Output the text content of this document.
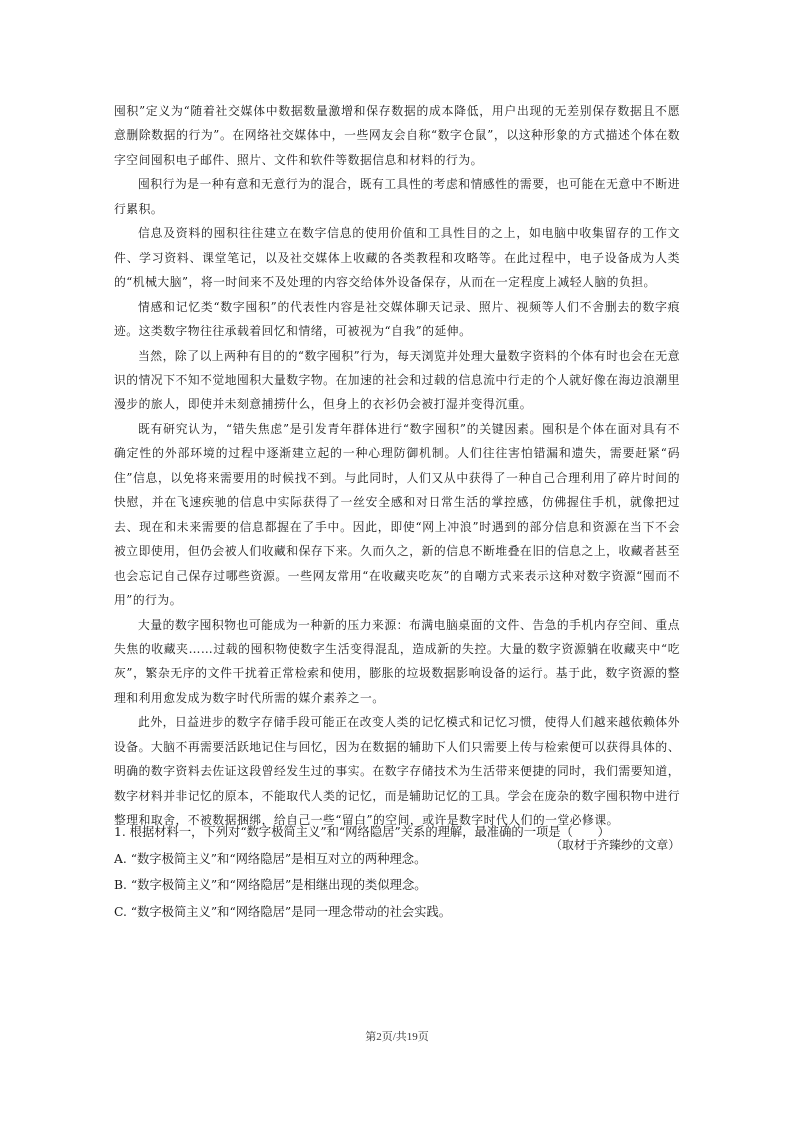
囤积”定义为“随着社交媒体中数据数量激增和保存数据的成本降低，用户出现的无差别保存数据且不愿意删除数据的行为”。在网络社交媒体中，一些网友会自称“数字仓鼠”，以这种形象的方式描述个体在数字空间囤积电子邮件、照片、文件和软件等数据信息和材料的行为。

囤积行为是一种有意和无意行为的混合，既有工具性的考虑和情感性的需要，也可能在无意中不断进行累积。

信息及资料的囤积往往建立在数字信息的使用价值和工具性目的之上，如电脑中收集留存的工作文件、学习资料、课堂笔记，以及社交媒体上收藏的各类教程和攻略等。在此过程中，电子设备成为人类的“机械大脑”，将一时间来不及处理的内容交给体外设备保存，从而在一定程度上减轻人脑的负担。

情感和记忆类“数字囤积”的代表性内容是社交媒体聊天记录、照片、视频等人们不舍删去的数字痕迹。这类数字物往往承载着回忆和情绪，可被视为“自我”的延伸。

当然，除了以上两种有目的的“数字囤积”行为，每天浏览并处理大量数字资料的个体有时也会在无意识的情况下不知不觉地囤积大量数字物。在加速的社会和过载的信息流中行走的个人就好像在海边浪潮里漫步的旅人，即使并未刻意捕捞什么，但身上的衣衫仍会被打湿并变得沉重。

既有研究认为，“错失焦虑”是引发青年群体进行“数字囤积”的关键因素。囤积是个体在面对具有不确定性的外部环境的过程中逐渐建立起的一种心理防御机制。人们往往害怕错漏和遗失，需要赶紧“码住”信息，以免将来需要用的时候找不到。与此同时，人们又从中获得了一种自己合理利用了碎片时间的快慰，并在飞速疾驰的信息中实际获得了一丝安全感和对日常生活的掌控感，仿佛握住手机，就像把过去、现在和未来需要的信息都握在了手中。因此，即使“网上冲浪”时遇到的部分信息和资源在当下不会被立即使用，但仍会被人们收藏和保存下来。久而久之，新的信息不断堆叠在旧的信息之上，收藏者甚至也会忘记自己保存过哪些资源。一些网友常用“在收藏夹吃灰”的自嘲方式来表示这种对数字资源“囤而不用”的行为。

大量的数字囤积物也可能成为一种新的压力来源：布满电脑桌面的文件、告急的手机内存空间、重点失焦的收藏夹……过载的囤积物使数字生活变得混乱，造成新的失控。大量的数字资源躺在收藏夹中“吃灰”，繁杂无序的文件干扰着正常检索和使用，膨胀的垃圾数据影响设备的运行。基于此，数字资源的整理和利用愈发成为数字时代所需的媒介素养之一。

此外，日益进步的数字存储手段可能正在改变人类的记忆模式和记忆习惯，使得人们越来越依赖体外设备。大脑不再需要活跃地记住与回忆，因为在数据的辅助下人们只需要上传与检索便可以获得具体的、明确的数字资料去佐证这段曾经发生过的事实。在数字存储技术为生活带来便捷的同时，我们需要知道，数字材料并非记忆的原本，不能取代人类的记忆，而是辅助记忆的工具。学会在庞杂的数字囤积物中进行整理和取舍，不被数据捆绑，给自己一些“留白”的空间，或许是数字时代人们的一堂必修课。

（取材于齐臻纱的文章）

1. 根据材料一，下列对“数字极简主义”和“网络隐居”关系的理解，最准确的一项是（　　）

A. “数字极简主义”和“网络隐居”是相互对立的两种理念。

B. “数字极简主义”和“网络隐居”是相继出现的类似理念。

C. “数字极简主义”和“网络隐居”是同一理念带动的社会实践。

第2页/共19页
